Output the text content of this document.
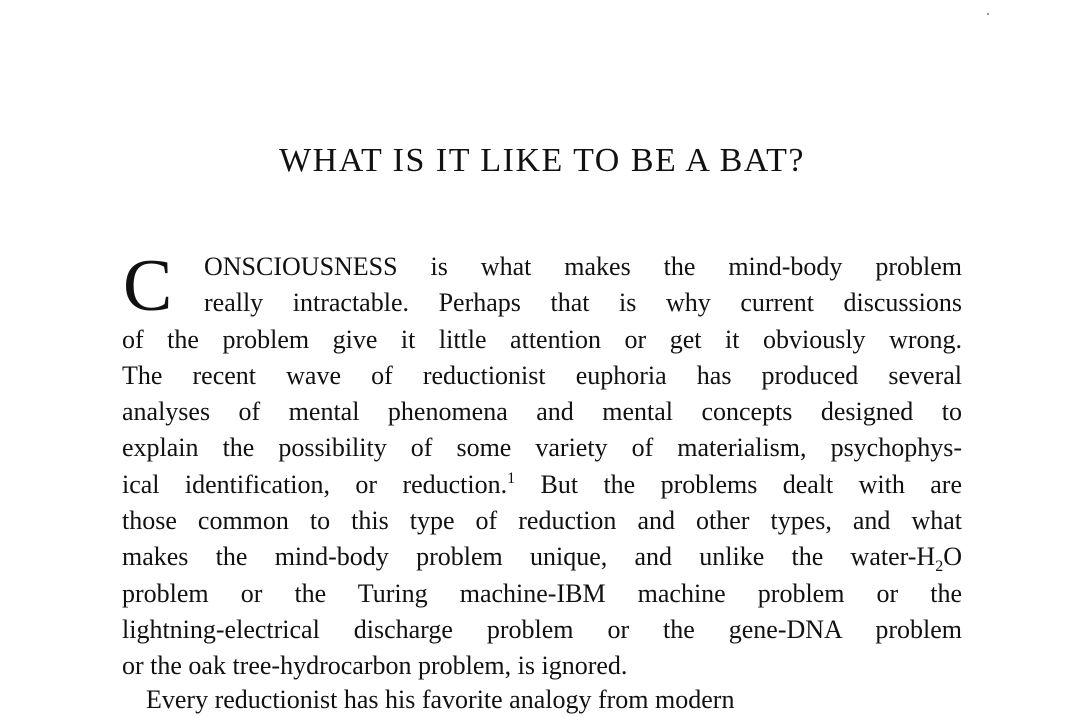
WHAT IS IT LIKE TO BE A BAT?
C	ONSCIOUSNESS is what makes the mind-body problem
really intractable. Perhaps that is why current discussions
of the problem give it little attention or get it obviously wrong.
The recent wave of reductionist euphoria has produced several
analyses of mental phenomena and mental concepts designed to
explain the possibility of some variety of materialism, psychophys-
ical identification, or reduction.$^1$ But the problems dealt with are
those common to this type of reduction and other types, and what
makes the mind-body problem unique, and unlike the water-$H_2O$
problem or the Turing machine-IBM machine problem or the
lightning-electrical discharge problem or the gene-DNA problem
or the oak tree-hydrocarbon problem, is ignored.
Every reductionist has his favorite analogy from modern
